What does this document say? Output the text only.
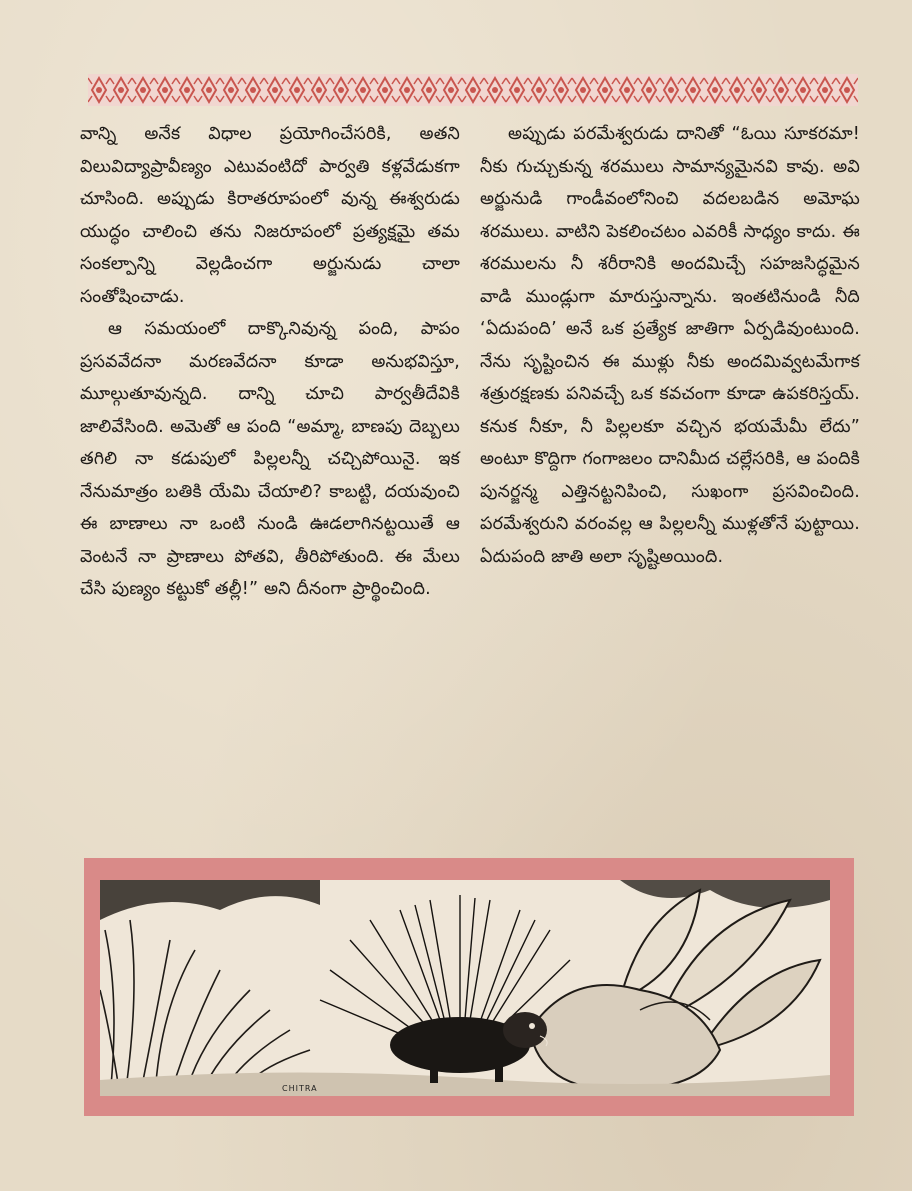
వాన్ని అనేక విధాల ప్రయోగించేసరికి, అతని విలువిద్యాప్రావీణ్యం ఎటువంటిదో పార్వతి కళ్లవేడుకగా చూసింది. అప్పుడు కిరాతరూపంలో వున్న ఈశ్వరుడు యుద్ధం చాలించి తను నిజరూపంలో ప్రత్యక్షమై తమ సంకల్పాన్ని వెల్లడించగా అర్జునుడు చాలా సంతోషించాడు.

ఆ సమయంలో దాక్కొనివున్న పంది, పాపం ప్రసవవేదనా మరణవేదనా కూడా అనుభవిస్తూ, మూల్గుతూవున్నది. దాన్ని చూచి పార్వతీదేవికి జాలివేసింది. అమెతో ఆ పంది “అమ్మా, బాణపు దెబ్బలు తగిలి నా కడుపులో పిల్లలన్నీ చచ్చిపోయినై. ఇక నేనుమాత్రం బతికి యేమి చేయాలి? కాబట్టి, దయవుంచి ఈ బాణాలు నా ఒంటి నుండి ఊడలాగినట్టయితే ఆ వెంటనే నా ప్రాణాలు పోతవి, తీరిపోతుంది. ఈ మేలు చేసి పుణ్యం కట్టుకో తల్లీ!” అని దీనంగా ప్రార్థించింది.

అప్పుడు పరమేశ్వరుడు దానితో “ఓయి సూకరమా! నీకు గుచ్చుకున్న శరములు సామాన్యమైనవి కావు. అవి అర్జునుడి గాండీవంలోనించి వదలబడిన అమోఘ శరములు. వాటిని పెకలించటం ఎవరికీ సాధ్యం కాదు. ఈ శరములను నీ శరీరానికి అందమిచ్చే సహజసిద్ధమైన వాడి ముండ్లుగా మారుస్తున్నాను. ఇంతటినుండి నీది ‘ఏదుపంది’ అనే ఒక ప్రత్యేక జాతిగా ఏర్పడివుంటుంది. నేను సృష్టించిన ఈ ముళ్లు నీకు అందమివ్వటమేగాక శత్రురక్షణకు పనివచ్చే ఒక కవచంగా కూడా ఉపకరిస్తయ్. కనుక నీకూ, నీ పిల్లలకూ వచ్చిన భయమేమీ లేదు” అంటూ కొద్దిగా గంగాజలం దానిమీద చల్లేసరికి, ఆ పందికి పునర్జన్మ ఎత్తినట్టనిపించి, సుఖంగా ప్రసవించింది. పరమేశ్వరుని వరంవల్ల ఆ పిల్లలన్నీ ముళ్లతోనే పుట్టాయి. ఏదుపంది జాతి అలా సృష్టిఅయింది.

CHITRA
